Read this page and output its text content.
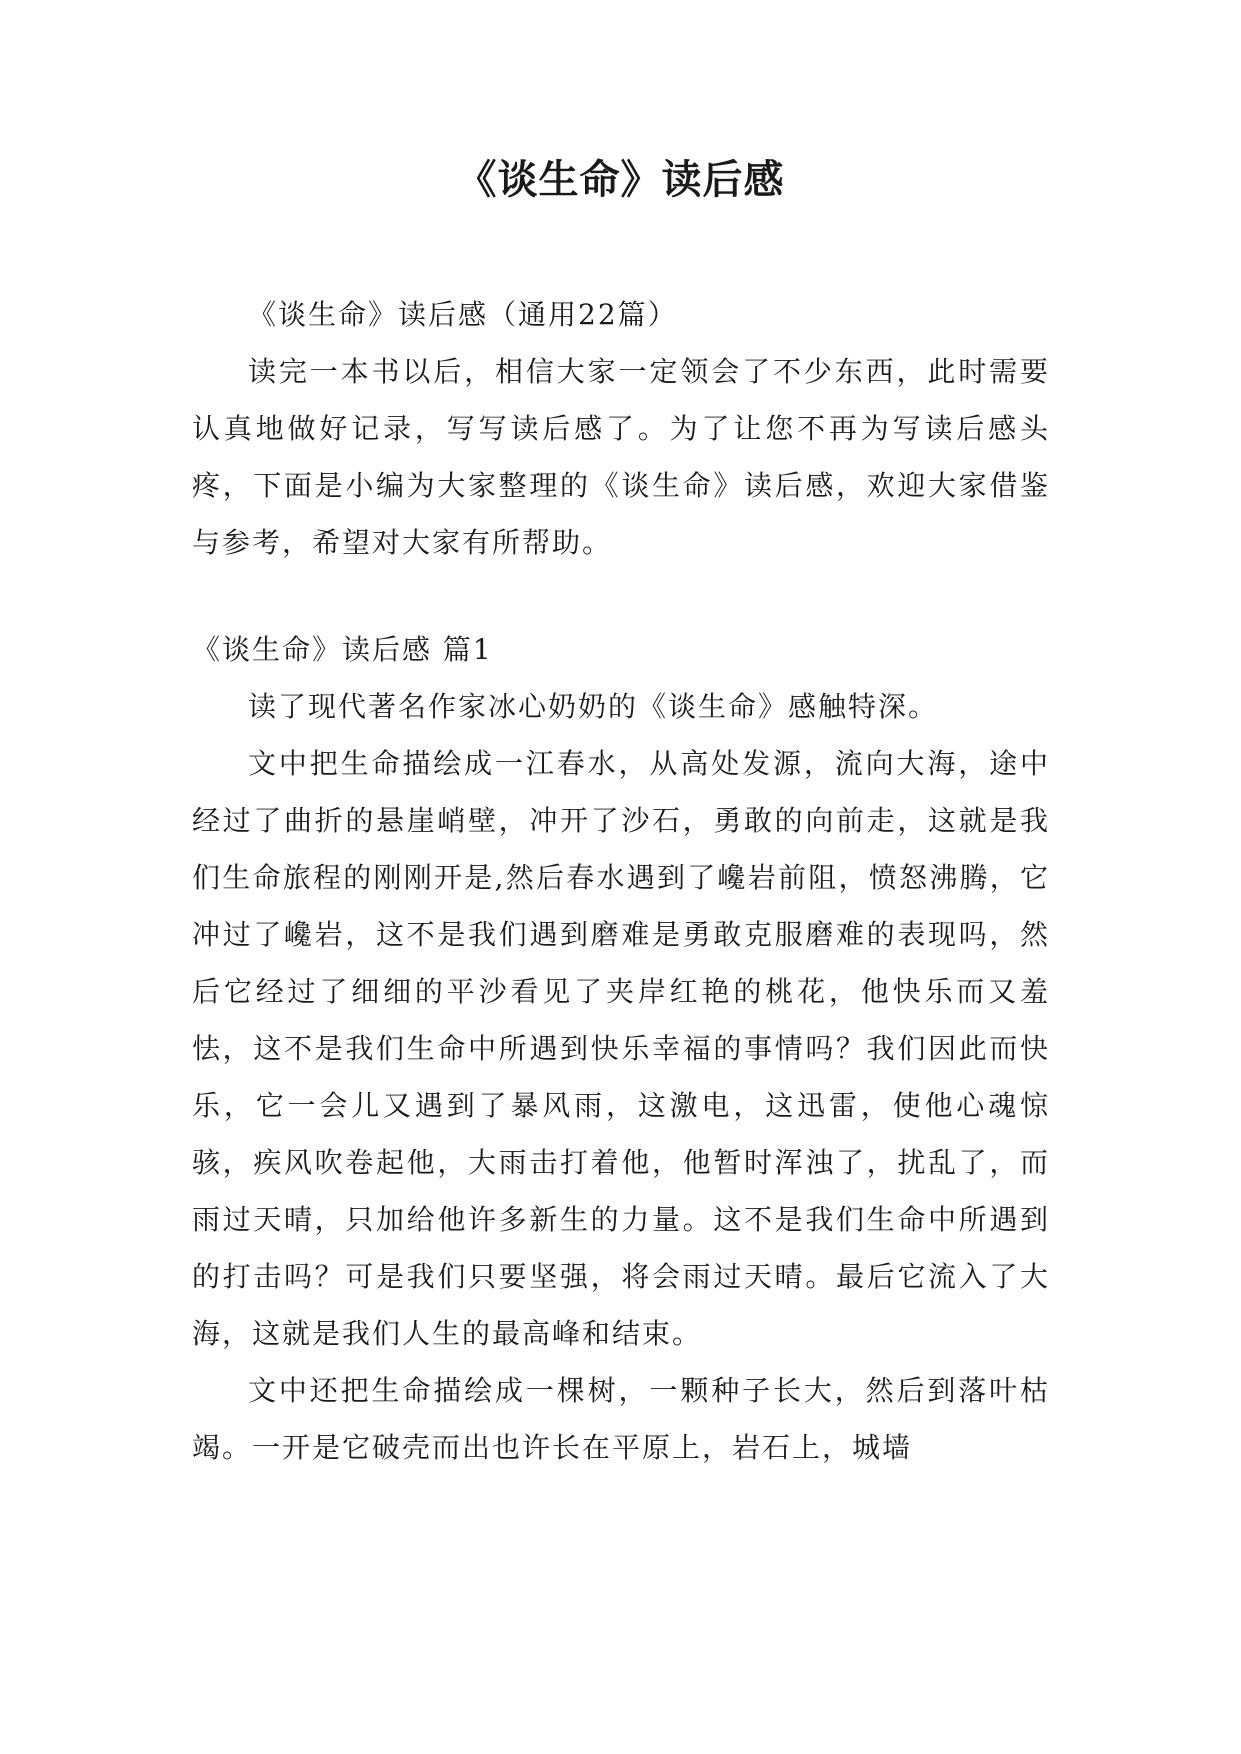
《谈生命》读后感

《谈生命》读后感（通用22篇）

读完一本书以后，相信大家一定领会了不少东西，此时需要认真地做好记录，写写读后感了。为了让您不再为写读后感头疼，下面是小编为大家整理的《谈生命》读后感，欢迎大家借鉴与参考，希望对大家有所帮助。

《谈生命》读后感 篇1

读了现代著名作家冰心奶奶的《谈生命》感触特深。

文中把生命描绘成一江春水，从高处发源，流向大海，途中经过了曲折的悬崖峭壁，冲开了沙石，勇敢的向前走，这就是我们生命旅程的刚刚开是,然后春水遇到了巉岩前阻，愤怒沸腾，它冲过了巉岩，这不是我们遇到磨难是勇敢克服磨难的表现吗，然后它经过了细细的平沙看见了夹岸红艳的桃花，他快乐而又羞怯，这不是我们生命中所遇到快乐幸福的事情吗？我们因此而快乐，它一会儿又遇到了暴风雨，这激电，这迅雷，使他心魂惊骇，疾风吹卷起他，大雨击打着他，他暂时浑浊了，扰乱了，而雨过天晴，只加给他许多新生的力量。这不是我们生命中所遇到的打击吗？可是我们只要坚强，将会雨过天晴。最后它流入了大海，这就是我们人生的最高峰和结束。

文中还把生命描绘成一棵树，一颗种子长大，然后到落叶枯竭。一开是它破壳而出也许长在平原上，岩石上，城墙
